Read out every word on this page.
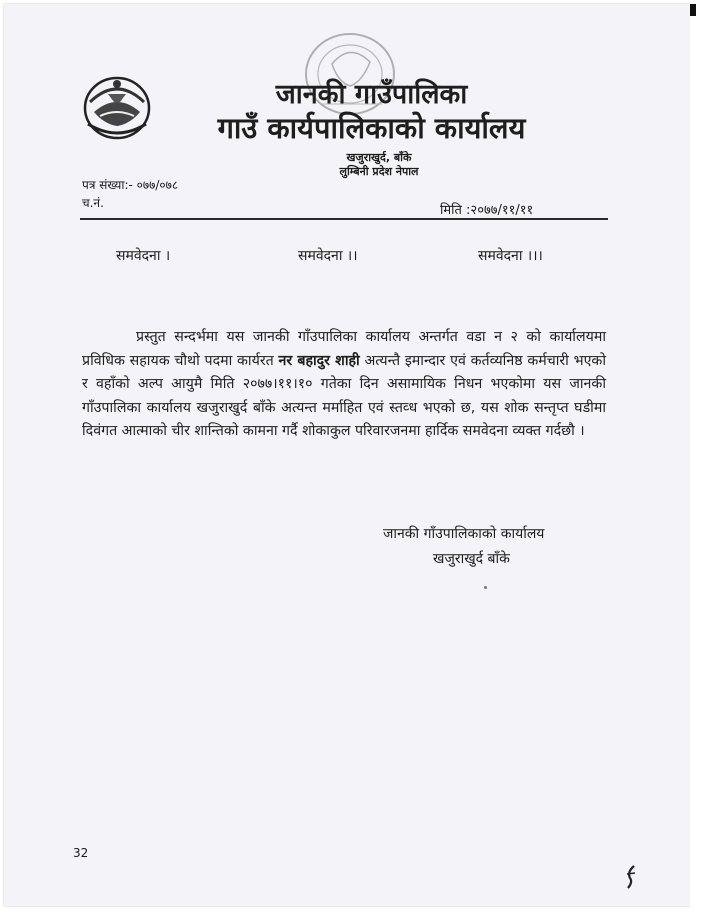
जानकी गाउँपालिका
गाउँ कार्यपालिकाको कार्यालय
खजुराखुर्द, बाँके
लुम्बिनी प्रदेश नेपाल
पत्र संख्या:- ०७७/०७८
च.नं.	मिति :२०७७/११/११
समवेदना ।	समवेदना ।।	समवेदना ।।।
प्रस्तुत सन्दर्भमा यस जानकी गाँउपालिका कार्यालय अन्तर्गत वडा न २ को कार्यालयमा प्रविधिक सहायक चौथो पदमा कार्यरत नर बहादुर शाही अत्यन्तै इमान्दार एवं कर्तव्यनिष्ठ कर्मचारी भएको र वहाँको अल्प आयुमै मिति २०७७।११।१० गतेका दिन असामायिक निधन भएकोमा यस जानकी गाँउपालिका कार्यालय खजुराखुर्द बाँके अत्यन्त मर्माहित एवं स्तव्ध भएको छ, यस शोक सन्तृप्त घडीमा दिवंगत आत्माको चीर शान्तिको कामना गर्दै शोकाकुल परिवारजनमा हार्दिक समवेदना व्यक्त गर्दछौ ।
जानकी गाँउपालिकाको कार्यालय
खजुराखुर्द बाँके
32
